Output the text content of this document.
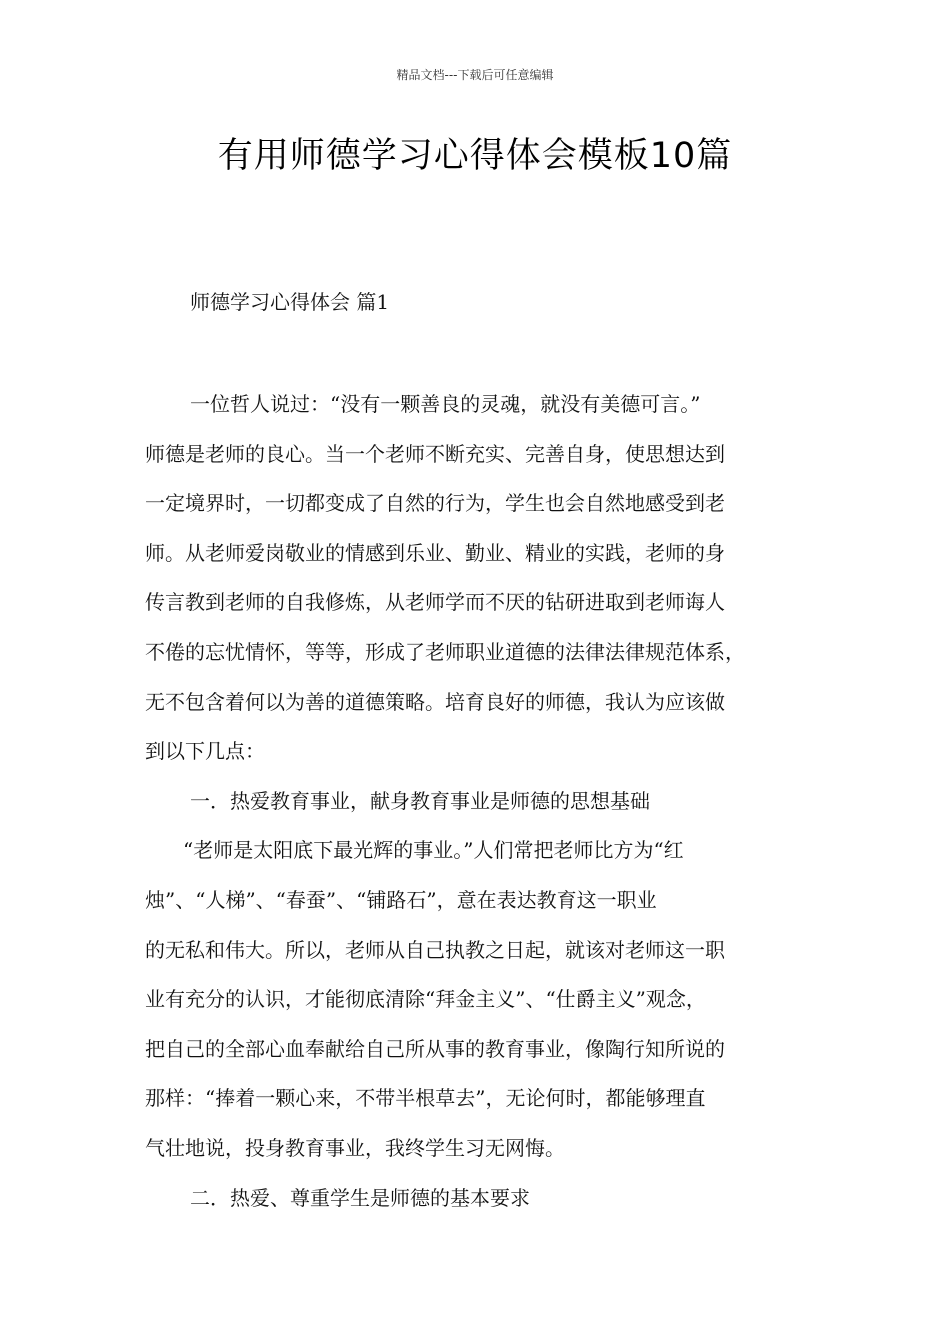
精品文档---下载后可任意编辑
有用师德学习心得体会模板10篇
师德学习心得体会 篇1

一位哲人说过：“没有一颗善良的灵魂，就没有美德可言。”

师德是老师的良心。当一个老师不断充实、完善自身，使思想达到

一定境界时，一切都变成了自然的行为，学生也会自然地感受到老

师。从老师爱岗敬业的情感到乐业、勤业、精业的实践，老师的身

传言教到老师的自我修炼，从老师学而不厌的钻研进取到老师诲人

不倦的忘忧情怀，等等，形成了老师职业道德的法律法律规范体系，

无不包含着何以为善的道德策略。培育良好的师德，我认为应该做

到以下几点：

一．热爱教育事业，献身教育事业是师德的思想基础

“老师是太阳底下最光辉的事业。”人们常把老师比方为“红

烛”、“人梯”、“春蚕”、“铺路石”，意在表达教育这一职业

的无私和伟大。所以，老师从自己执教之日起，就该对老师这一职

业有充分的认识，才能彻底清除“拜金主义”、“仕爵主义”观念，

把自己的全部心血奉献给自己所从事的教育事业，像陶行知所说的

那样：“捧着一颗心来，不带半根草去”，无论何时，都能够理直

气壮地说，投身教育事业，我终学生习无网悔。

二．热爱、尊重学生是师德的基本要求
